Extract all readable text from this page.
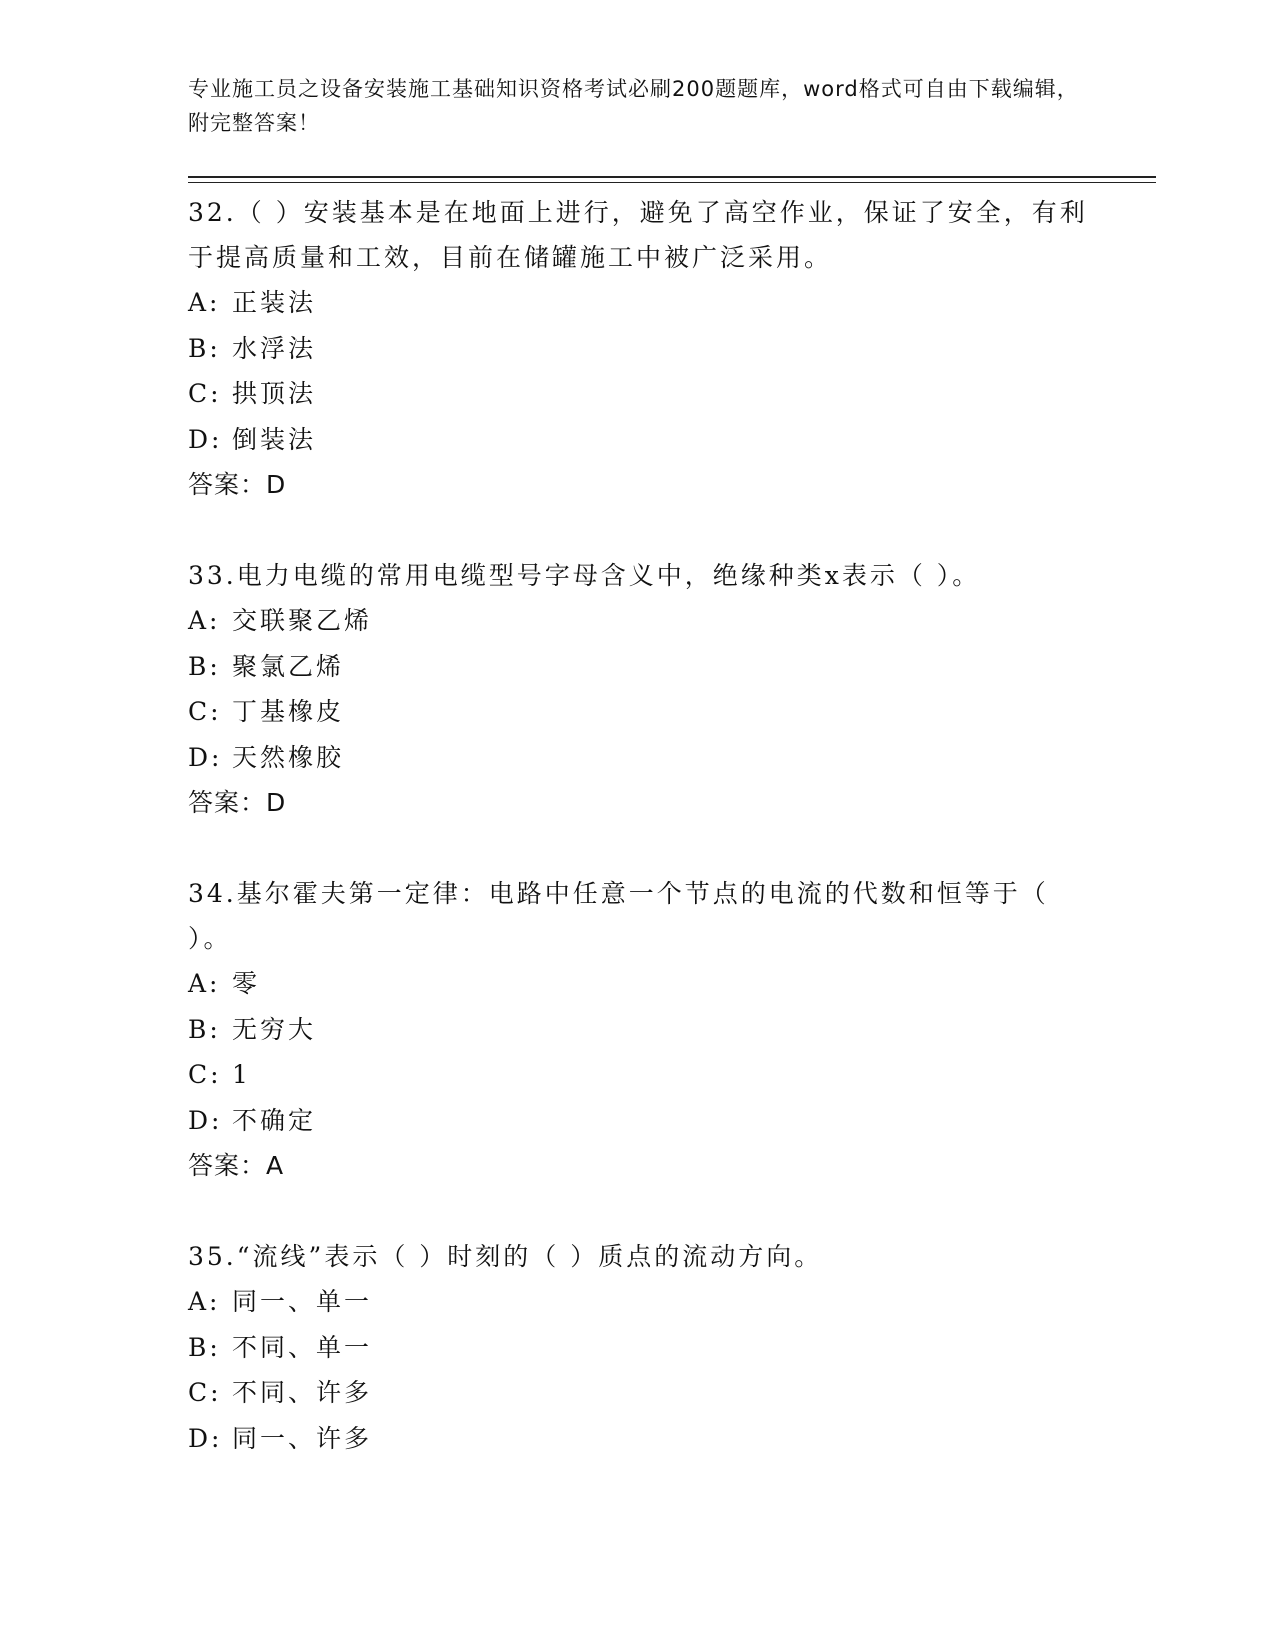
专业施工员之设备安装施工基础知识资格考试必刷200题题库，word格式可自由下载编辑，附完整答案！

32.（ ）安装基本是在地面上进行，避免了高空作业，保证了安全，有利于提高质量和工效，目前在储罐施工中被广泛采用。

A: 正装法

B: 水浮法

C: 拱顶法

D: 倒装法

答案：D

33.电力电缆的常用电缆型号字母含义中，绝缘种类x表示（ ）。

A: 交联聚乙烯

B: 聚氯乙烯

C: 丁基橡皮

D: 天然橡胶

答案：D

34.基尔霍夫第一定律：电路中任意一个节点的电流的代数和恒等于（ ）。

A: 零

B: 无穷大

C: 1

D: 不确定

答案：A

35.“流线”表示（ ）时刻的（ ）质点的流动方向。

A: 同一、单一

B: 不同、单一

C: 不同、许多

D: 同一、许多
